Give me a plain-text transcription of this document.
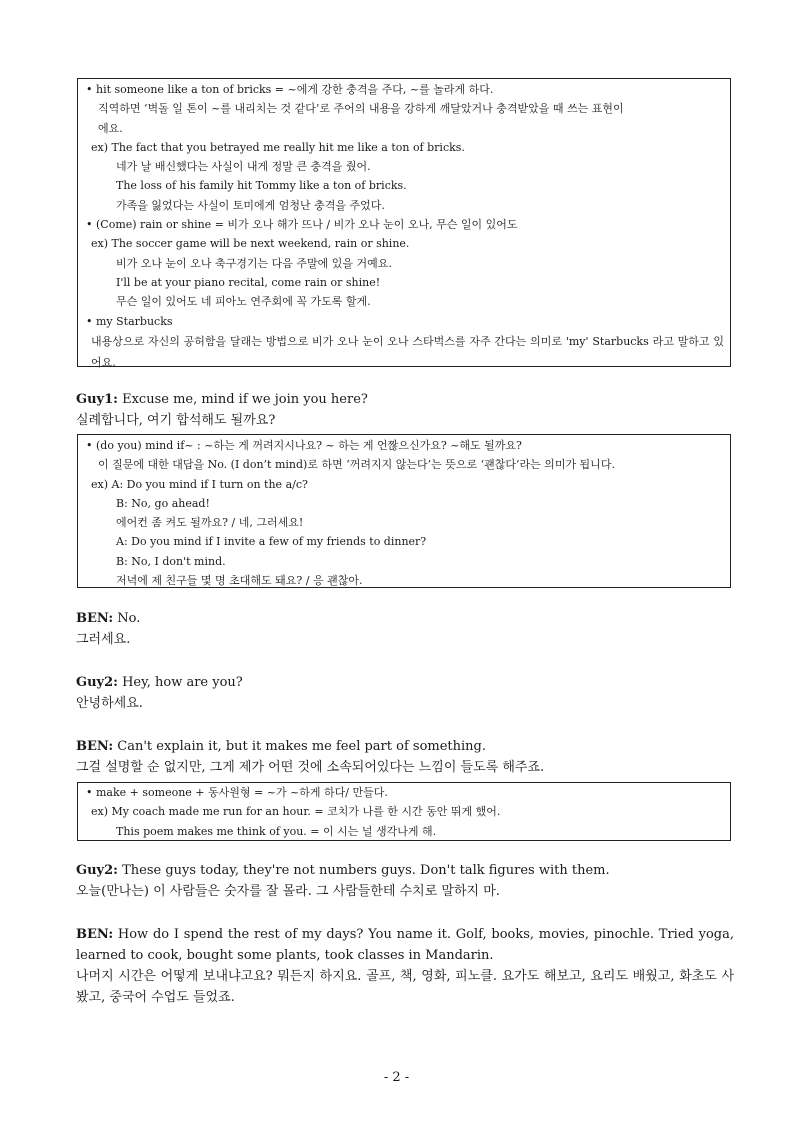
• hit someone like a ton of bricks = ~에게 강한 충격을 주다, ~를 놀라게 하다.
직역하면 ‘벽돌 일 톤이 ~를 내리치는 것 같다’로 주어의 내용을 강하게 깨달았거나 충격받았을 때 쓰는 표현이
에요.
ex) The fact that you betrayed me really hit me like a ton of bricks.
네가 날 배신했다는 사실이 내게 정말 큰 충격을 줬어.
The loss of his family hit Tommy like a ton of bricks.
가족을 잃었다는 사실이 토미에게 엄청난 충격을 주었다.
• (Come) rain or shine = 비가 오나 해가 뜨나 / 비가 오나 눈이 오나, 무슨 일이 있어도
ex) The soccer game will be next weekend, rain or shine.
비가 오나 눈이 오나 축구경기는 다음 주말에 있을 거예요.
I'll be at your piano recital, come rain or shine!
무슨 일이 있어도 네 피아노 연주회에 꼭 가도록 할게.
• my Starbucks
내용상으로 자신의 공허함을 달래는 방법으로 비가 오나 눈이 오나 스타벅스를 자주 간다는 의미로 'my' Starbucks 라고 말하고 있어요.
Guy1: Excuse me, mind if we join you here?
실례합니다, 여기 합석해도 될까요?
• (do you) mind if~ : ~하는 게 꺼려지시나요? ~ 하는 게 언짢으신가요? ~해도 될까요?
이 질문에 대한 대답을 No. (I don’t mind)로 하면 ‘꺼려지지 않는다’는 뜻으로 ‘괜찮다’라는 의미가 됩니다.
ex) A: Do you mind if I turn on the a/c?
B: No, go ahead!
에어컨 좀 켜도 될까요? / 네, 그러세요!
A: Do you mind if I invite a few of my friends to dinner?
B: No, I don't mind.
저녁에 제 친구들 몇 명 초대해도 돼요? / 응 괜찮아.
BEN: No.
그러세요.
Guy2: Hey, how are you?
안녕하세요.
BEN: Can't explain it, but it makes me feel part of something.
그걸 설명할 순 없지만, 그게 제가 어떤 것에 소속되어있다는 느낌이 들도록 해주죠.
• make + someone + 동사원형 = ~가 ~하게 하다/ 만들다.
ex) My coach made me run for an hour. = 코치가 나를 한 시간 동안 뛰게 했어.
This poem makes me think of you. = 이 시는 널 생각나게 해.
Guy2: These guys today, they're not numbers guys. Don't talk figures with them.
오늘(만나는) 이 사람들은 숫자를 잘 몰라. 그 사람들한테 수치로 말하지 마.
BEN: How do I spend the rest of my days? You name it. Golf, books, movies, pinochle. Tried yoga, learned to cook, bought some plants, took classes in Mandarin.
나머지 시간은 어떻게 보내냐고요? 뭐든지 하지요. 골프, 책, 영화, 피노클. 요가도 해보고, 요리도 배웠고, 화초도 사봤고, 중국어 수업도 들었죠.
- 2 -
